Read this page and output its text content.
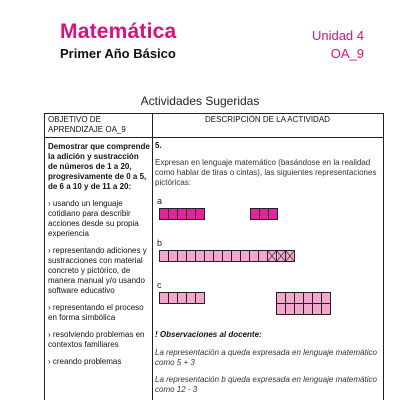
Matemática
Primer Año Básico
Unidad 4
OA_9
Actividades Sugeridas
OBJETIVO DE APRENDIZAJE OA_9
DESCRIPCIÓN DE LA ACTIVIDAD
Demostrar que comprende la adición y sustracción de números de 1 a 20, progresivamente de 0 a 5, de 6 a 10 y de 11 a 20:
› usando un lenguaje cotidiano para describir acciones desde su propia experiencia
› representando adiciones y sustracciones con material concreto y pictórico, de manera manual y/o usando software educativo
› representando el proceso en forma simbólica
› resolviendo problemas en contextos familiares
› creando problemas
5.
Expresan en lenguaje matemático (basándose en la realidad como hablar de tiras o cintas), las siguientes representaciones pictóricas:
a
b
c
! Observaciones al docente:
La representación a queda expresada en lenguaje matemático como 5 + 3
La representación b queda expresada en lenguaje matemático como 12 - 3
